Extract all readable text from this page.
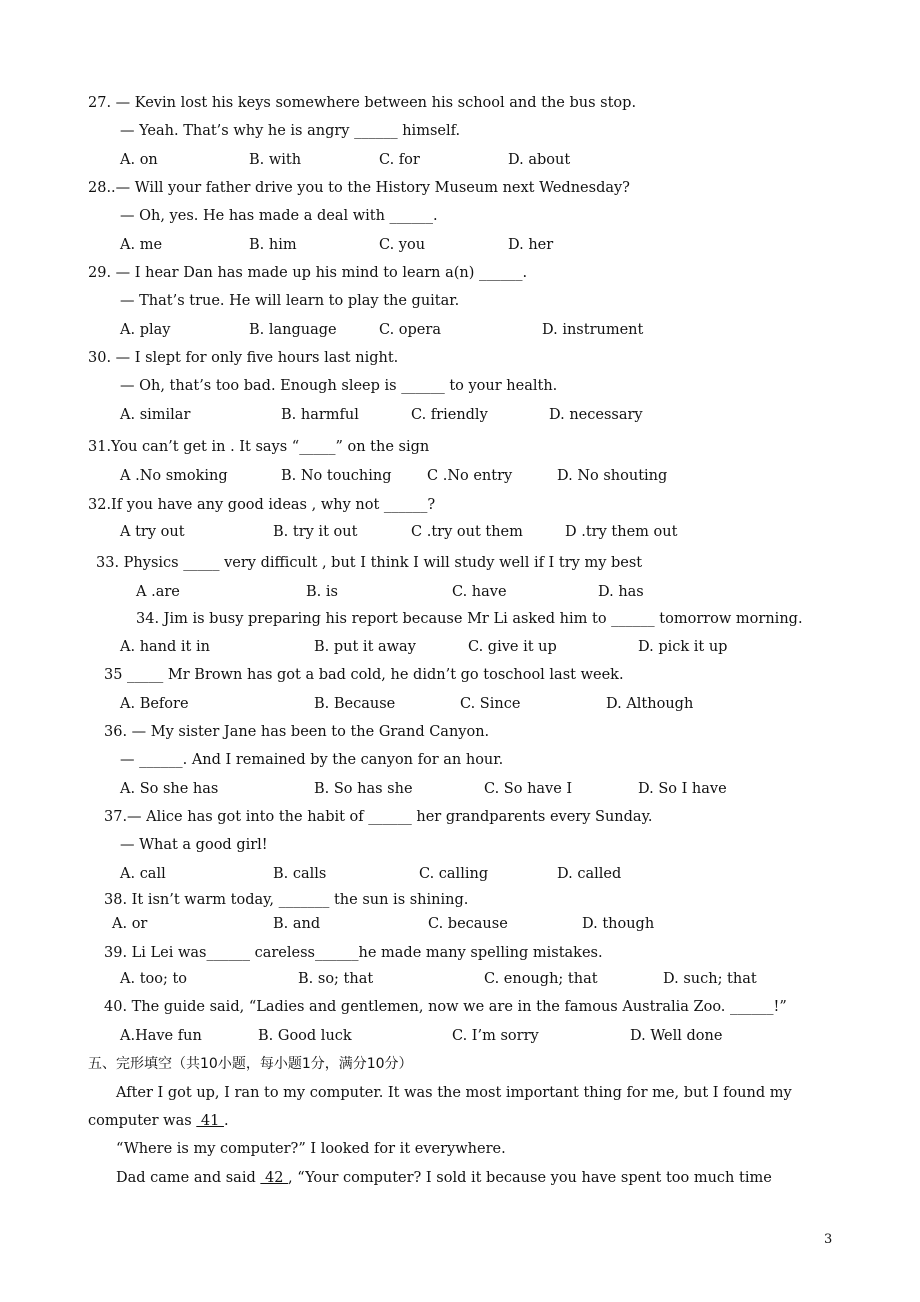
27. — Kevin lost his keys somewhere between his school and the bus stop.
— Yeah. That’s why he is angry ______ himself.

A. on

	B. with

	C. for

	D. about

28..— Will your father drive you to the History Museum next Wednesday?
— Oh, yes. He has made a deal with ______.

A. me

	B. him

	C. you

	D. her

29. — I hear Dan has made up his mind to learn a(n) ______.
— That’s true. He will learn to play the guitar.

A. play

	B. language

	C. opera

	D. instrument

30. — I slept for only five hours last night.
— Oh, that’s too bad. Enough sleep is ______ to your health.

A. similar

	B. harmful

	C. friendly

	D. necessary

31.You can’t get in . It says “_____” on the sign

A .No smoking

	B. No touching

C .No entry

	D. No shouting

32.If you have any good ideas , why not ______?

A try out

	B. try it out

	C .try out them

	D .try them out

33. Physics _____ very difficult , but I think I will study well if I try my best

A .are

	B. is

	C. have

	D. has

34. Jim is busy preparing his report because Mr Li asked him to ______ tomorrow morning.

A. hand it in

	B. put it away

	C. give it up

	D. pick it up

35 _____ Mr Brown has got a bad cold, he didn’t go toschool last week.

A. Before

	B. Because

	C. Since

	D. Although

36. — My sister Jane has been to the Grand Canyon.
— ______. And I remained by the canyon for an hour.

A. So she has

	B. So has she

	C. So have I

	D. So I have

37.— Alice has got into the habit of ______ her grandparents every Sunday.
— What a good girl!

A. call

	B. calls

	C. calling

	D. called

38. It isn’t warm today, _______ the sun is shining.

A. or

	B. and

	C. because

	D. though

39. Li Lei was______ careless______he made many spelling mistakes.

A. too; to

	B. so; that

	C. enough; that

	D. such; that

40. The guide said, “Ladies and gentlemen, now we are in the famous Australia Zoo. ______!”

A.Have fun

	B. Good luck

	C. I’m sorry

	D. Well done

五、完形填空（共10小题，每小题1分，满分10分）
After I got up, I ran to my computer. It was the most important thing for me, but I found my
computer was  41 .
“Where is my computer?” I looked for it everywhere.
Dad came and said  42 , “Your computer? I sold it because you have spent too much time
3
